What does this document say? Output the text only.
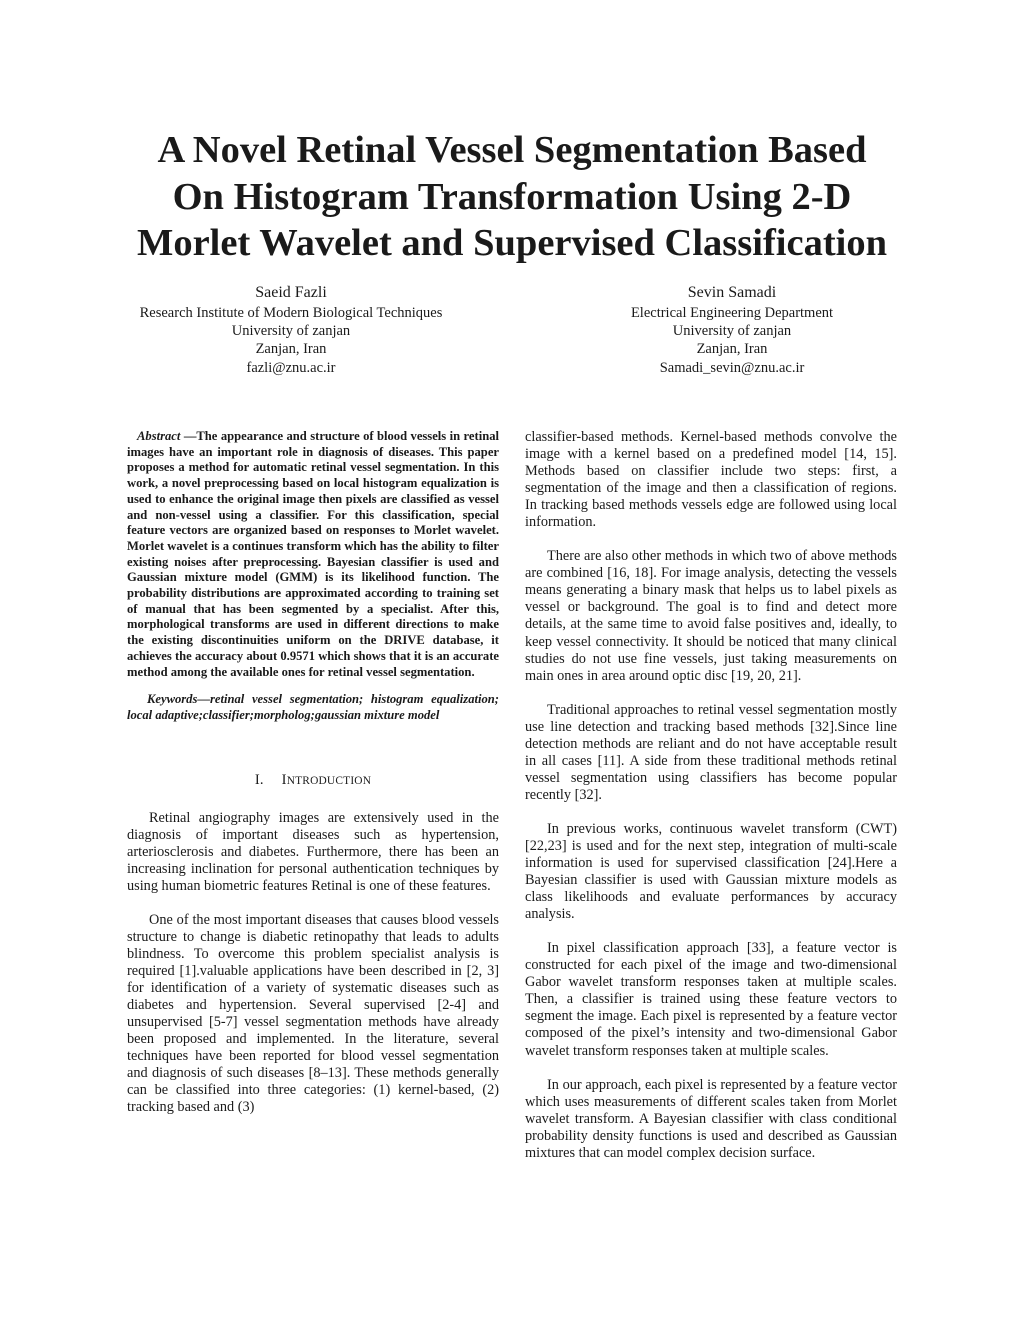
A Novel Retinal Vessel Segmentation Based
On Histogram Transformation Using 2-D
Morlet Wavelet and Supervised Classification
Saeid Fazli
Research Institute of Modern Biological Techniques
University of zanjan
Zanjan, Iran
fazli@znu.ac.ir
Sevin Samadi
Electrical Engineering Department
University of zanjan
Zanjan, Iran
Samadi_sevin@znu.ac.ir

Abstract —The appearance and structure of blood vessels in retinal images have an important role in diagnosis of diseases. This paper proposes a method for automatic retinal vessel segmentation. In this work, a novel preprocessing based on local histogram equalization is used to enhance the original image then pixels are classified as vessel and non-vessel using a classifier. For this classification, special feature vectors are organized based on responses to Morlet wavelet. Morlet wavelet is a continues transform which has the ability to filter existing noises after preprocessing. Bayesian classifier is used and Gaussian mixture model (GMM) is its likelihood function. The probability distributions are approximated according to training set of manual that has been segmented by a specialist. After this, morphological transforms are used in different directions to make the existing discontinuities uniform on the DRIVE database, it achieves the accuracy about 0.9571 which shows that it is an accurate method among the available ones for retinal vessel segmentation.

Keywords—retinal vessel segmentation; histogram equalization; local adaptive;classifier;morpholog;gaussian mixture model

I. INTRODUCTION

Retinal angiography images are extensively used in the diagnosis of important diseases such as hypertension, arteriosclerosis and diabetes. Furthermore, there has been an increasing inclination for personal authentication techniques by using human biometric features Retinal is one of these features.

One of the most important diseases that causes blood vessels structure to change is diabetic retinopathy that leads to adults blindness. To overcome this problem specialist analysis is required [1].valuable applications have been described in [2, 3] for identification of a variety of systematic diseases such as diabetes and hypertension. Several supervised [2-4] and unsupervised [5-7] vessel segmentation methods have already been proposed and implemented. In the literature, several techniques have been reported for blood vessel segmentation and diagnosis of such diseases [8–13]. These methods generally can be classified into three categories: (1) kernel-based, (2) tracking based and (3)

classifier-based methods. Kernel-based methods convolve the image with a kernel based on a predefined model [14, 15]. Methods based on classifier include two steps: first, a segmentation of the image and then a classification of regions. In tracking based methods vessels edge are followed using local information.

There are also other methods in which two of above methods are combined [16, 18]. For image analysis, detecting the vessels means generating a binary mask that helps us to label pixels as vessel or background. The goal is to find and detect more details, at the same time to avoid false positives and, ideally, to keep vessel connectivity. It should be noticed that many clinical studies do not use fine vessels, just taking measurements on main ones in area around optic disc [19, 20, 21].

Traditional approaches to retinal vessel segmentation mostly use line detection and tracking based methods [32].Since line detection methods are reliant and do not have acceptable result in all cases [11]. A side from these traditional methods retinal vessel segmentation using classifiers has become popular recently [32].

In previous works, continuous wavelet transform (CWT) [22,23] is used and for the next step, integration of multi-scale information is used for supervised classification [24].Here a Bayesian classifier is used with Gaussian mixture models as class likelihoods and evaluate performances by accuracy analysis.

In pixel classification approach [33], a feature vector is constructed for each pixel of the image and two-dimensional Gabor wavelet transform responses taken at multiple scales. Then, a classifier is trained using these feature vectors to segment the image. Each pixel is represented by a feature vector composed of the pixel’s intensity and two-dimensional Gabor wavelet transform responses taken at multiple scales.

In our approach, each pixel is represented by a feature vector which uses measurements of different scales taken from Morlet wavelet transform. A Bayesian classifier with class conditional probability density functions is used and described as Gaussian mixtures that can model complex decision surface.
